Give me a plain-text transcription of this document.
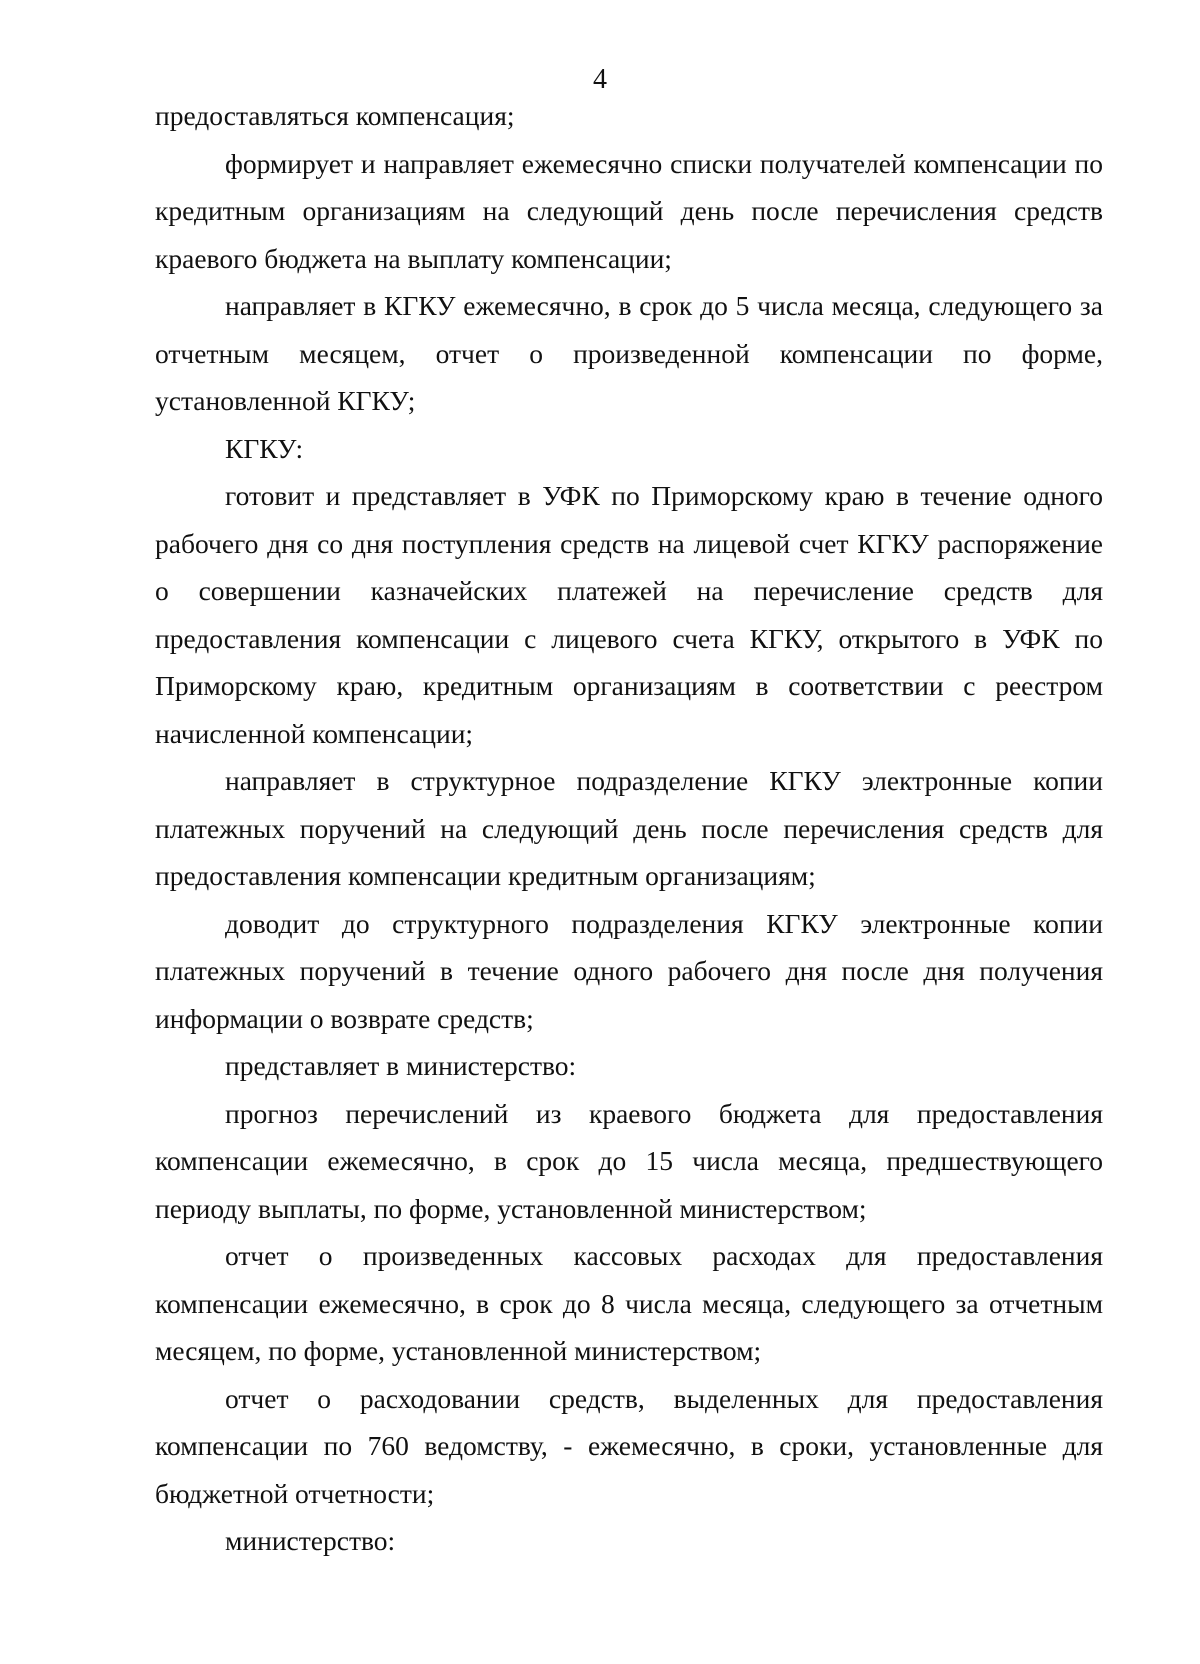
4

предоставляться компенсация;

формирует и направляет ежемесячно списки получателей компенсации по кредитным организациям на следующий день после перечисления средств краевого бюджета на выплату компенсации;

направляет в КГКУ ежемесячно, в срок до 5 числа месяца, следующего за отчетным месяцем, отчет о произведенной компенсации по форме, установленной КГКУ;

КГКУ:

готовит и представляет в УФК по Приморскому краю в течение одного рабочего дня со дня поступления средств на лицевой счет КГКУ распоряжение о совершении казначейских платежей на перечисление средств для предоставления компенсации с лицевого счета КГКУ, открытого в УФК по Приморскому краю, кредитным организациям в соответствии с реестром начисленной компенсации;

направляет в структурное подразделение КГКУ электронные копии платежных поручений на следующий день после перечисления средств для предоставления компенсации кредитным организациям;

доводит до структурного подразделения КГКУ электронные копии платежных поручений в течение одного рабочего дня после дня получения информации о возврате средств;

представляет в министерство:

прогноз перечислений из краевого бюджета для предоставления компенсации ежемесячно, в срок до 15 числа месяца, предшествующего периоду выплаты, по форме, установленной министерством;

отчет о произведенных кассовых расходах для предоставления компенсации ежемесячно, в срок до 8 числа месяца, следующего за отчетным месяцем, по форме, установленной министерством;

отчет о расходовании средств, выделенных для предоставления компенсации по 760 ведомству, - ежемесячно, в сроки, установленные для бюджетной отчетности;

министерство:
